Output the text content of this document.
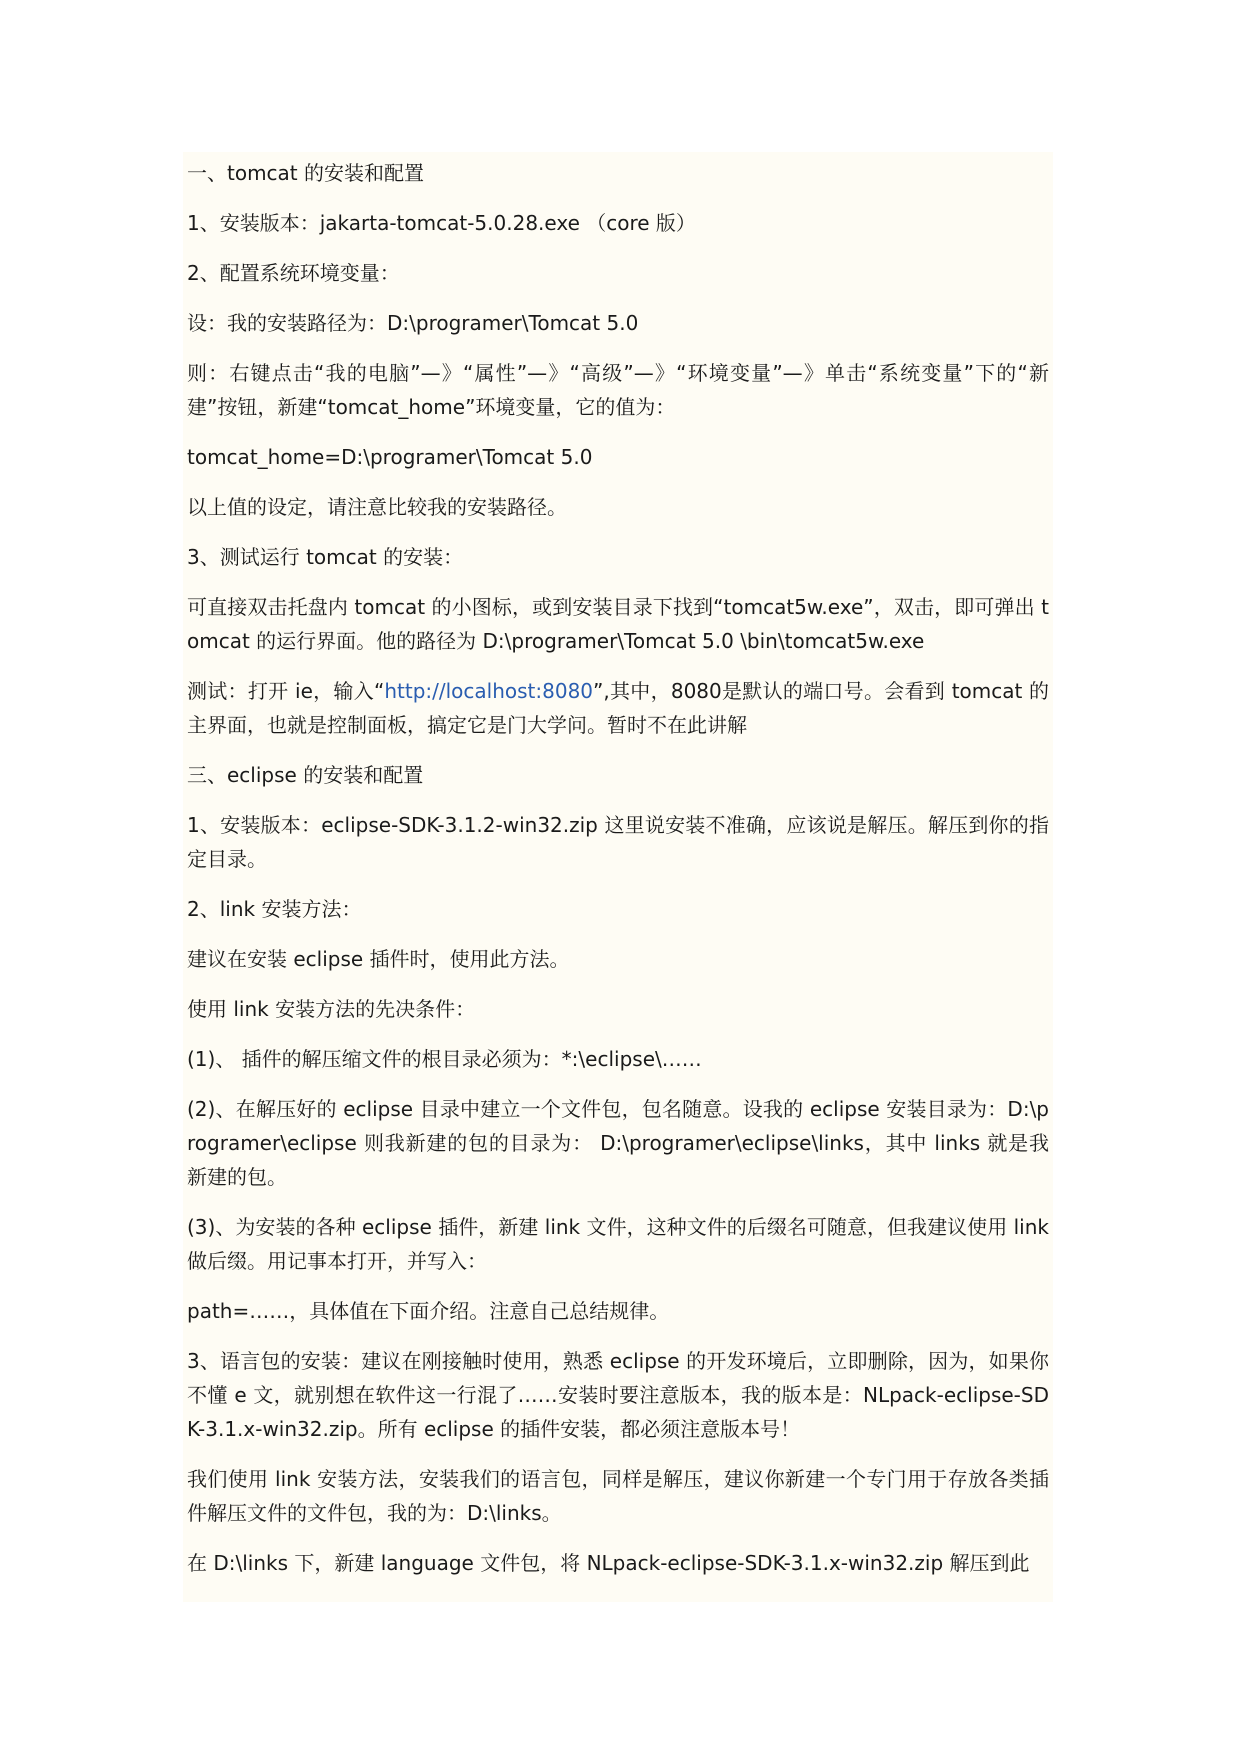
一、tomcat 的安装和配置

1、安装版本：jakarta-tomcat-5.0.28.exe （core 版）

2、配置系统环境变量：

设：我的安装路径为：D:\programer\Tomcat 5.0

则：右键点击“我的电脑”—》“属性”—》“高级”—》“环境变量”—》单击“系统变量”下的“新建”按钮，新建“tomcat_home”环境变量，它的值为：

tomcat_home=D:\programer\Tomcat 5.0

以上值的设定，请注意比较我的安装路径。

3、测试运行 tomcat 的安装：

可直接双击托盘内 tomcat 的小图标，或到安装目录下找到“tomcat5w.exe”，双击，即可弹出 tomcat 的运行界面。他的路径为 D:\programer\Tomcat 5.0 \bin\tomcat5w.exe

测试：打开 ie，输入“http://localhost:8080”,其中，8080是默认的端口号。会看到 tomcat 的主界面，也就是控制面板，搞定它是门大学问。暂时不在此讲解

三、eclipse 的安装和配置

1、安装版本：eclipse-SDK-3.1.2-win32.zip 这里说安装不准确，应该说是解压。解压到你的指定目录。

2、link 安装方法：

建议在安装 eclipse 插件时，使用此方法。

使用 link 安装方法的先决条件：

(1)、 插件的解压缩文件的根目录必须为：*:\eclipse\……

(2)、在解压好的 eclipse 目录中建立一个文件包，包名随意。设我的 eclipse 安装目录为：D:\programer\eclipse 则我新建的包的目录为： D:\programer\eclipse\links，其中 links 就是我新建的包。

(3)、为安装的各种 eclipse 插件，新建 link 文件，这种文件的后缀名可随意，但我建议使用 link 做后缀。用记事本打开，并写入：

path=……，具体值在下面介绍。注意自己总结规律。

3、语言包的安装：建议在刚接触时使用，熟悉 eclipse 的开发环境后，立即删除，因为，如果你不懂 e 文，就别想在软件这一行混了……安装时要注意版本，我的版本是：NLpack-eclipse-SDK-3.1.x-win32.zip。所有 eclipse 的插件安装，都必须注意版本号！

我们使用 link 安装方法，安装我们的语言包，同样是解压，建议你新建一个专门用于存放各类插件解压文件的文件包，我的为：D:\links。

在 D:\links 下，新建 language 文件包，将 NLpack-eclipse-SDK-3.1.x-win32.zip 解压到此
